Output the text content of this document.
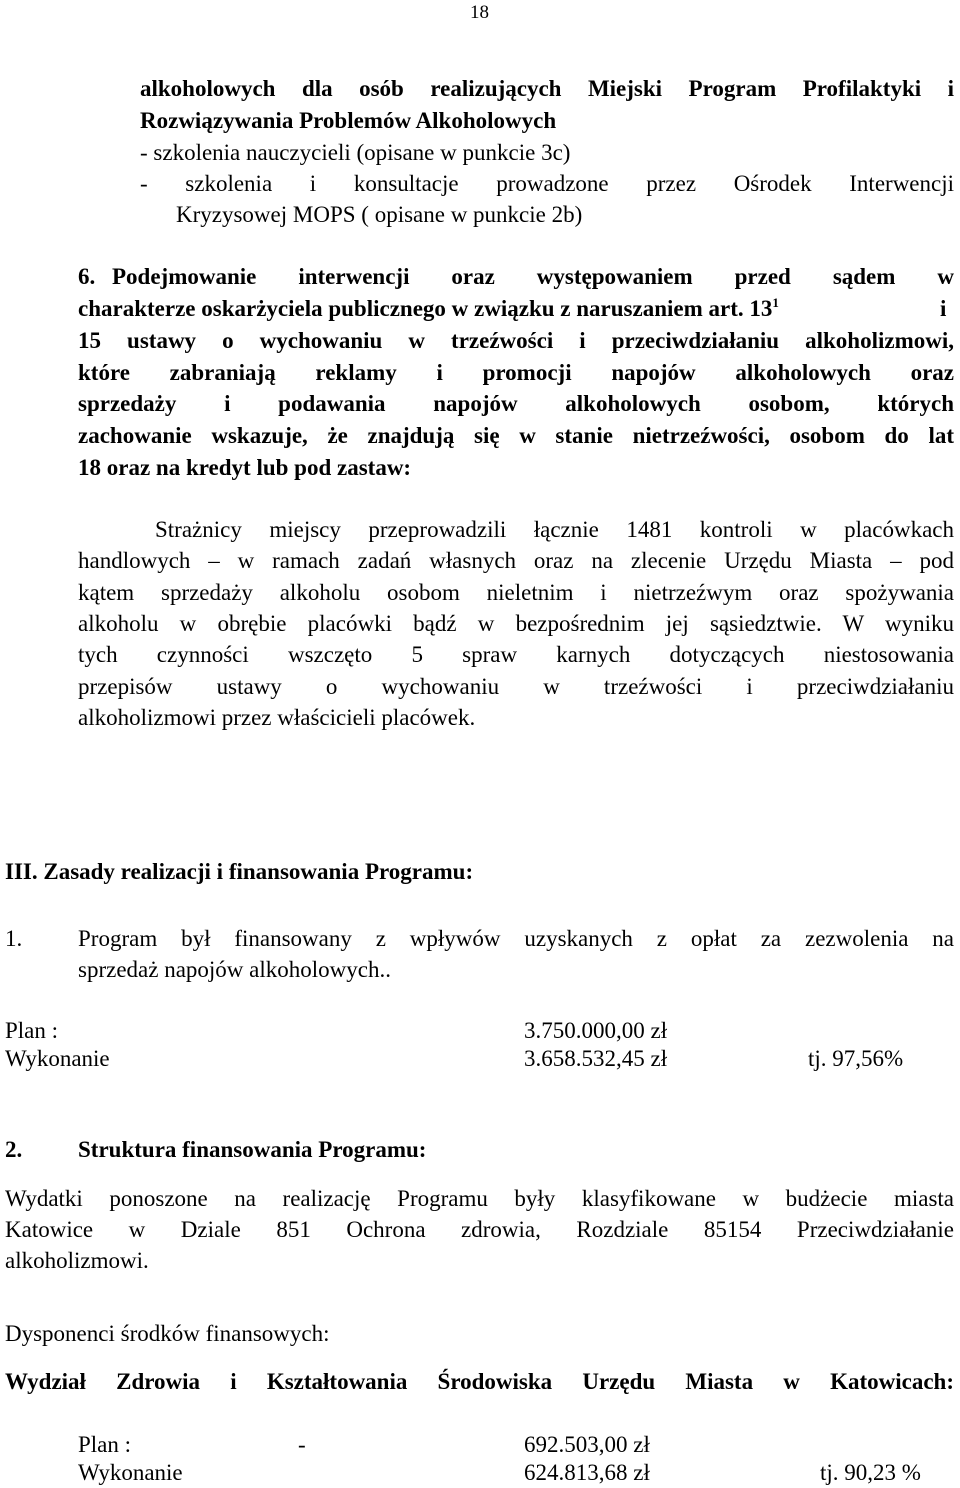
18
alkoholowych dla osób realizujących Miejski Program Profilaktyki i
Rozwiązywania Problemów Alkoholowych
- szkolenia nauczycieli (opisane w punkcie 3c)
- szkolenia i konsultacje prowadzone przez Ośrodek Interwencji
Kryzysowej MOPS ( opisane w punkcie 2b)
6. Podejmowanie interwencji oraz występowaniem przed sądem w
charakterze oskarżyciela publicznego w związku z naruszaniem art. $13^1$	i
15 ustawy o wychowaniu w trzeźwości i przeciwdziałaniu alkoholizmowi,
które zabraniają reklamy i promocji napojów alkoholowych oraz
sprzedaży i podawania napojów alkoholowych osobom, których
zachowanie wskazuje, że znajdują się w stanie nietrzeźwości, osobom do lat
18 oraz na kredyt lub pod zastaw:
Strażnicy miejscy przeprowadzili łącznie 1481 kontroli w placówkach
handlowych – w ramach zadań własnych oraz na zlecenie Urzędu Miasta – pod
kątem sprzedaży alkoholu osobom nieletnim i nietrzeźwym oraz spożywania
alkoholu w obrębie placówki bądź w bezpośrednim jej sąsiedztwie. W wyniku
tych czynności wszczęto 5 spraw karnych dotyczących niestosowania
przepisów ustawy o wychowaniu w trzeźwości i przeciwdziałaniu
alkoholizmowi przez właścicieli placówek.
III. Zasady realizacji i finansowania Programu:
1. Program był finansowany z wpływów uzyskanych z opłat za zezwolenia na
sprzedaż napojów alkoholowych..
Plan :	3.750.000,00 zł
Wykonanie	3.658.532,45 zł	tj. 97,56%
2. Struktura finansowania Programu:
Wydatki ponoszone na realizację Programu były klasyfikowane w budżecie miasta
Katowice w Dziale 851 Ochrona zdrowia, Rozdziale 85154 Przeciwdziałanie
alkoholizmowi.
Dysponenci środków finansowych:
Wydział Zdrowia i Kształtowania Środowiska Urzędu Miasta w Katowicach:
Plan :	-	692.503,00 zł
Wykonanie	624.813,68 zł	tj. 90,23 %
